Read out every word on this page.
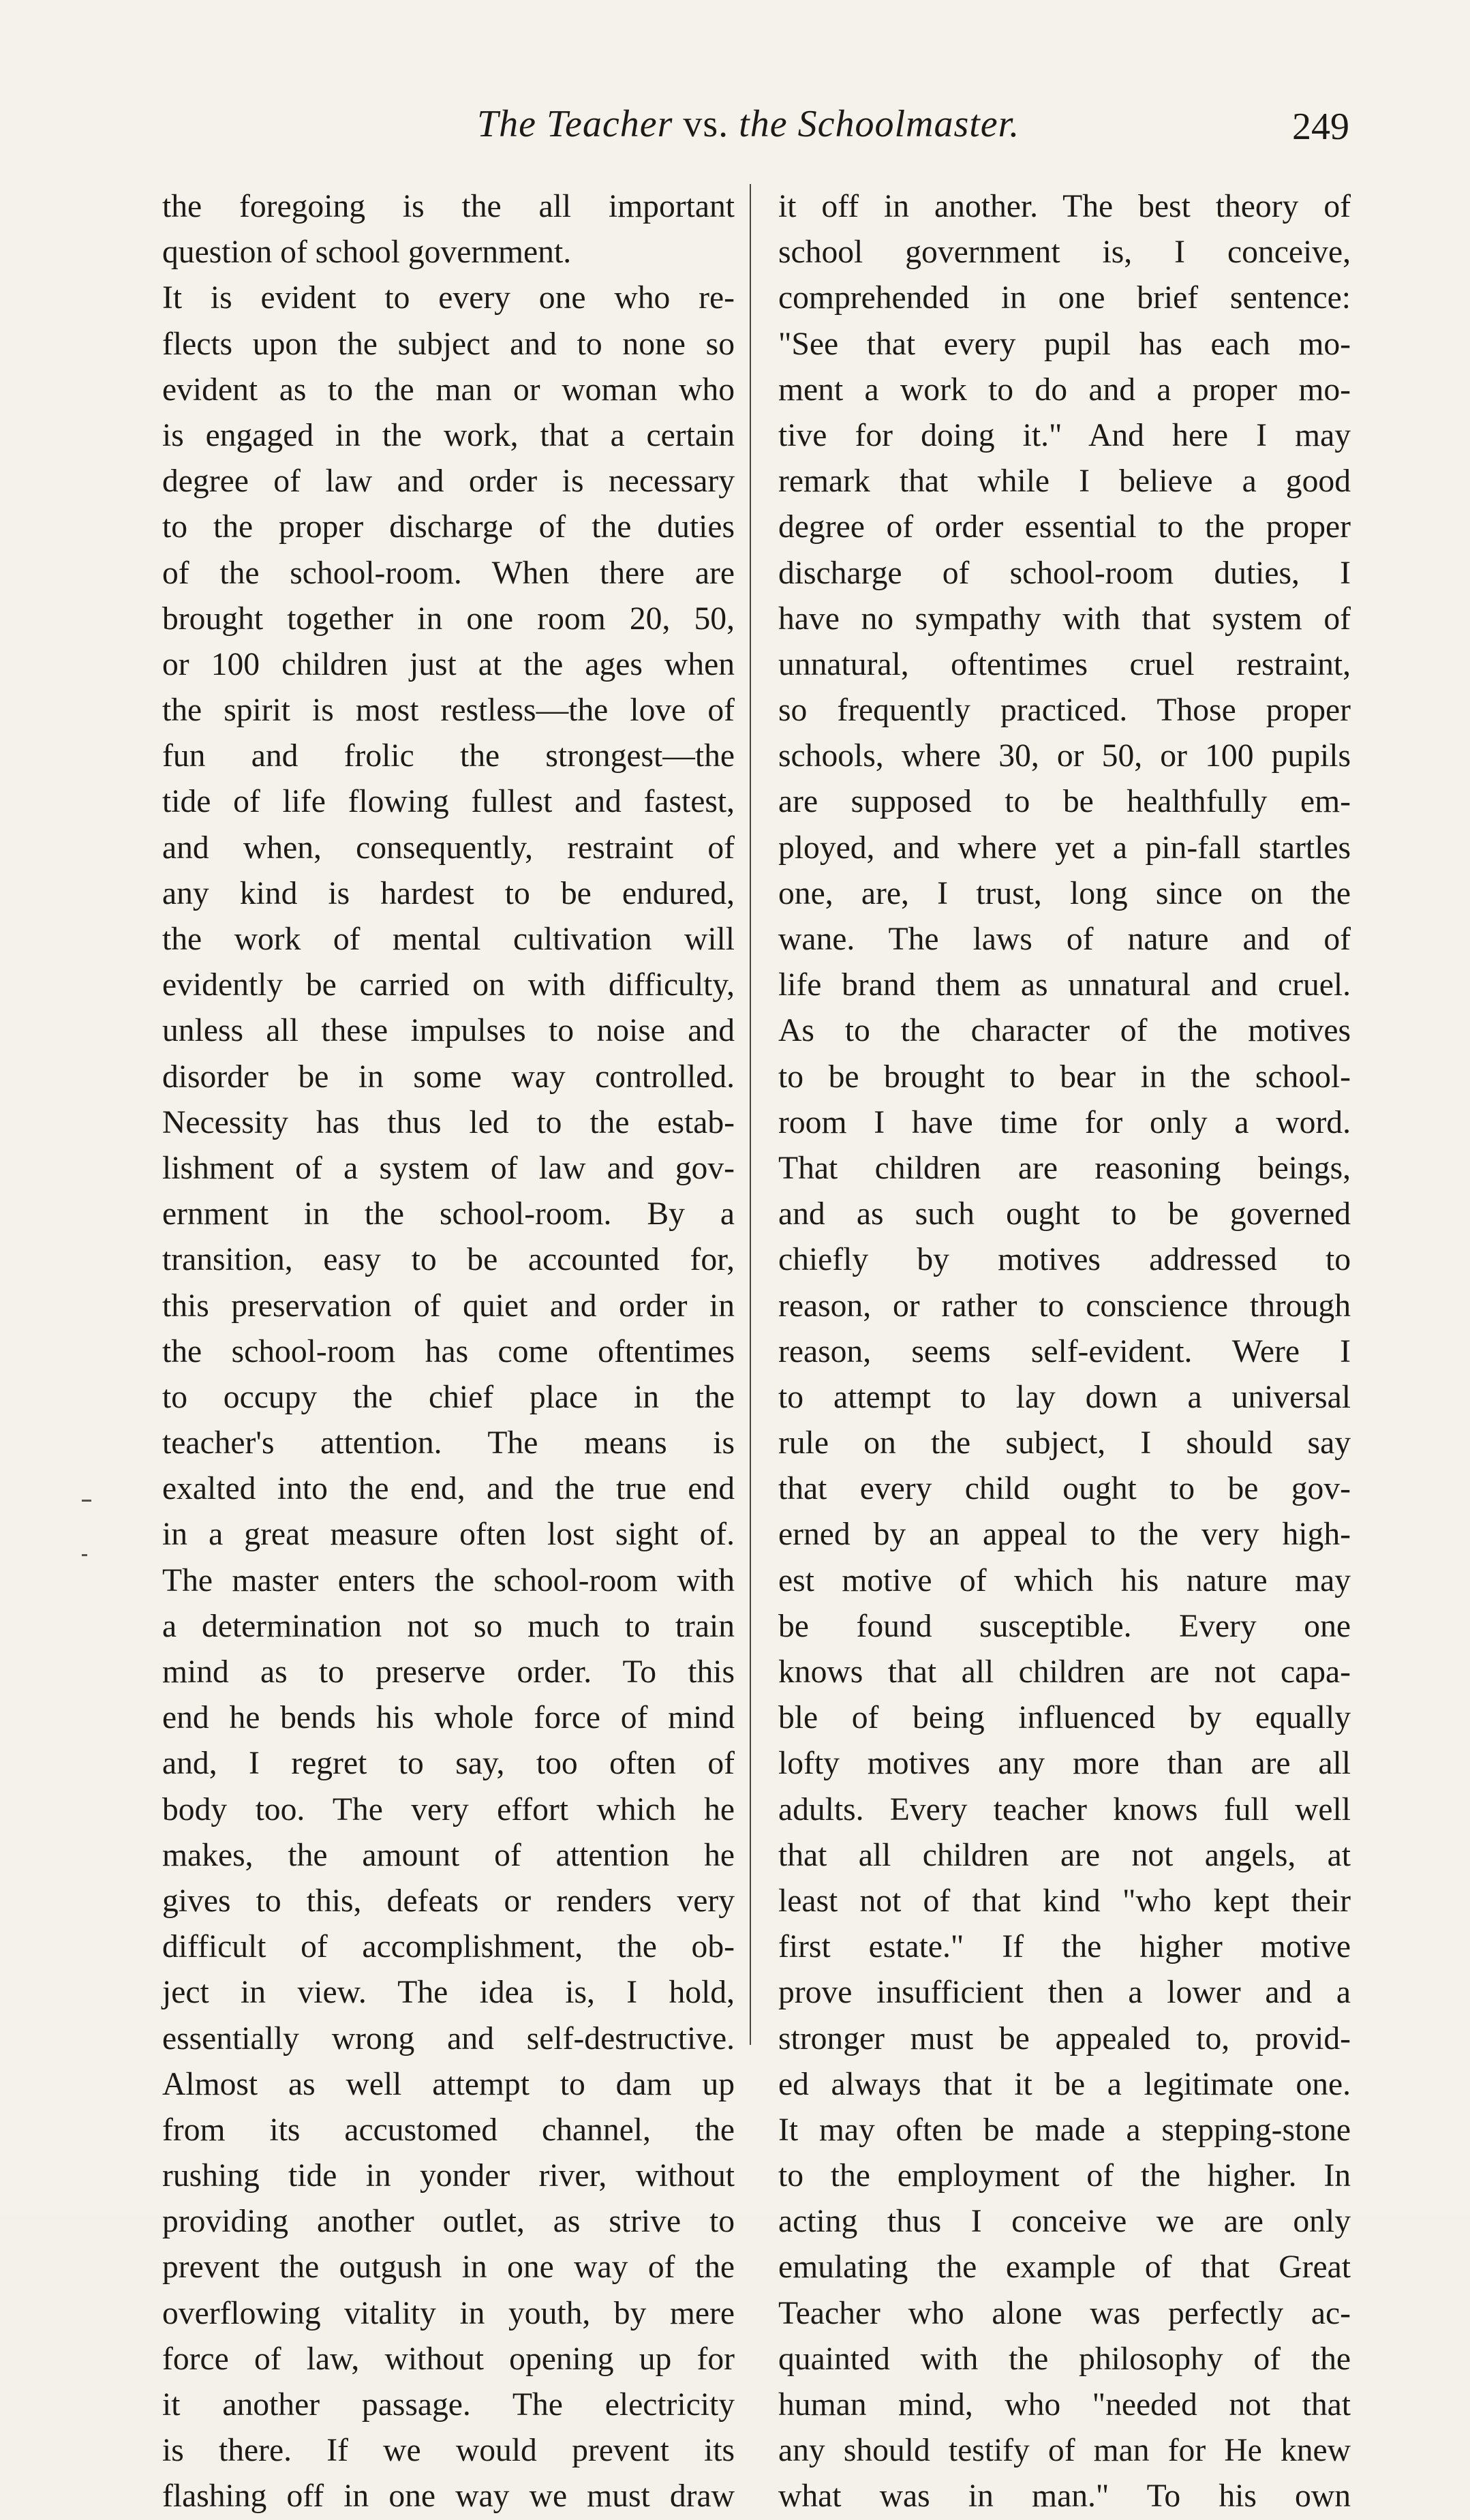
The Teacher vs. the Schoolmaster.	249
the foregoing is the all important
question of school government.
It is evident to every one who re-
flects upon the subject and to none so
evident as to the man or woman who
is engaged in the work, that a certain
degree of law and order is necessary
to the proper discharge of the duties
of the school-room. When there are
brought together in one room 20, 50,
or 100 children just at the ages when
the spirit is most restless—the love of
fun and frolic the strongest—the
tide of life flowing fullest and fastest,
and when, consequently, restraint of
any kind is hardest to be endured,
the work of mental cultivation will
evidently be carried on with difficulty,
unless all these impulses to noise and
disorder be in some way controlled.
Necessity has thus led to the estab-
lishment of a system of law and gov-
ernment in the school-room. By a
transition, easy to be accounted for,
this preservation of quiet and order in
the school-room has come oftentimes
to occupy the chief place in the
teacher's attention. The means is
exalted into the end, and the true end
in a great measure often lost sight of.
The master enters the school-room with
a determination not so much to train
mind as to preserve order. To this
end he bends his whole force of mind
and, I regret to say, too often of
body too. The very effort which he
makes, the amount of attention he
gives to this, defeats or renders very
difficult of accomplishment, the ob-
ject in view. The idea is, I hold,
essentially wrong and self-destructive.
Almost as well attempt to dam up
from its accustomed channel, the
rushing tide in yonder river, without
providing another outlet, as strive to
prevent the outgush in one way of the
overflowing vitality in youth, by mere
force of law, without opening up for
it another passage. The electricity
is there. If we would prevent its
flashing off in one way we must draw
it off in another. The best theory of
school government is, I conceive,
comprehended in one brief sentence:
"See that every pupil has each mo-
ment a work to do and a proper mo-
tive for doing it." And here I may
remark that while I believe a good
degree of order essential to the proper
discharge of school-room duties, I
have no sympathy with that system of
unnatural, oftentimes cruel restraint,
so frequently practiced. Those proper
schools, where 30, or 50, or 100 pupils
are supposed to be healthfully em-
ployed, and where yet a pin-fall startles
one, are, I trust, long since on the
wane. The laws of nature and of
life brand them as unnatural and cruel.
As to the character of the motives
to be brought to bear in the school-
room I have time for only a word.
That children are reasoning beings,
and as such ought to be governed
chiefly by motives addressed to
reason, or rather to conscience through
reason, seems self-evident. Were I
to attempt to lay down a universal
rule on the subject, I should say
that every child ought to be gov-
erned by an appeal to the very high-
est motive of which his nature may
be found susceptible. Every one
knows that all children are not capa-
ble of being influenced by equally
lofty motives any more than are all
adults. Every teacher knows full well
that all children are not angels, at
least not of that kind "who kept their
first estate." If the higher motive
prove insufficient then a lower and a
stronger must be appealed to, provid-
ed always that it be a legitimate one.
It may often be made a stepping-stone
to the employment of the higher. In
acting thus I conceive we are only
emulating the example of that Great
Teacher who alone was perfectly ac-
quainted with the philosophy of the
human mind, who "needed not that
any should testify of man for He knew
what was in man." To his own
